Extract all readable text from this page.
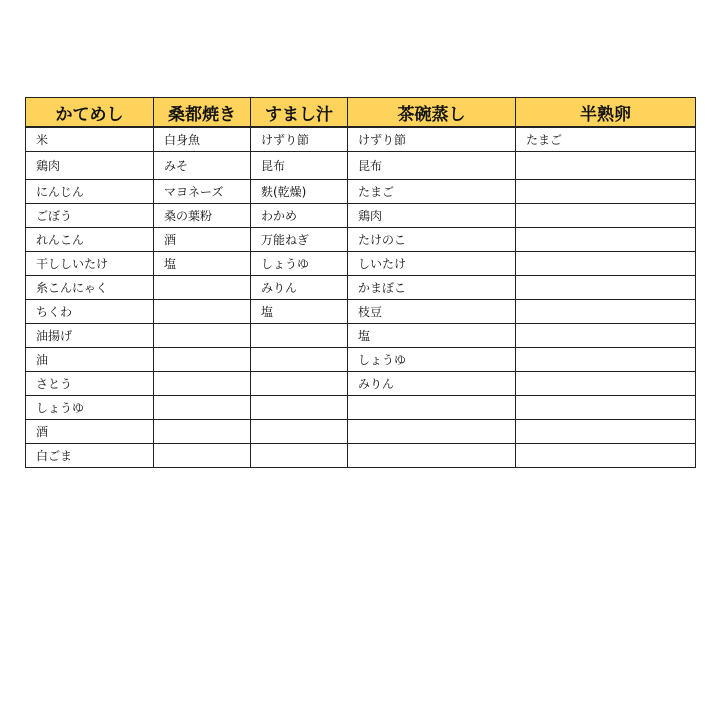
かてめし	桑都焼き	すまし汁	茶碗蒸し	半熟卵
米	白身魚	けずり節	けずり節	たまご
鶏肉	みそ	昆布	昆布	
にんじん	マヨネーズ	麩(乾燥)	たまご	
ごぼう	桑の葉粉	わかめ	鶏肉	
れんこん	酒	万能ねぎ	たけのこ	
干ししいたけ	塩	しょうゆ	しいたけ	
糸こんにゃく		みりん	かまぼこ	
ちくわ		塩	枝豆	
油揚げ			塩	
油			しょうゆ	
さとう			みりん	
しょうゆ				
酒				
白ごま				
